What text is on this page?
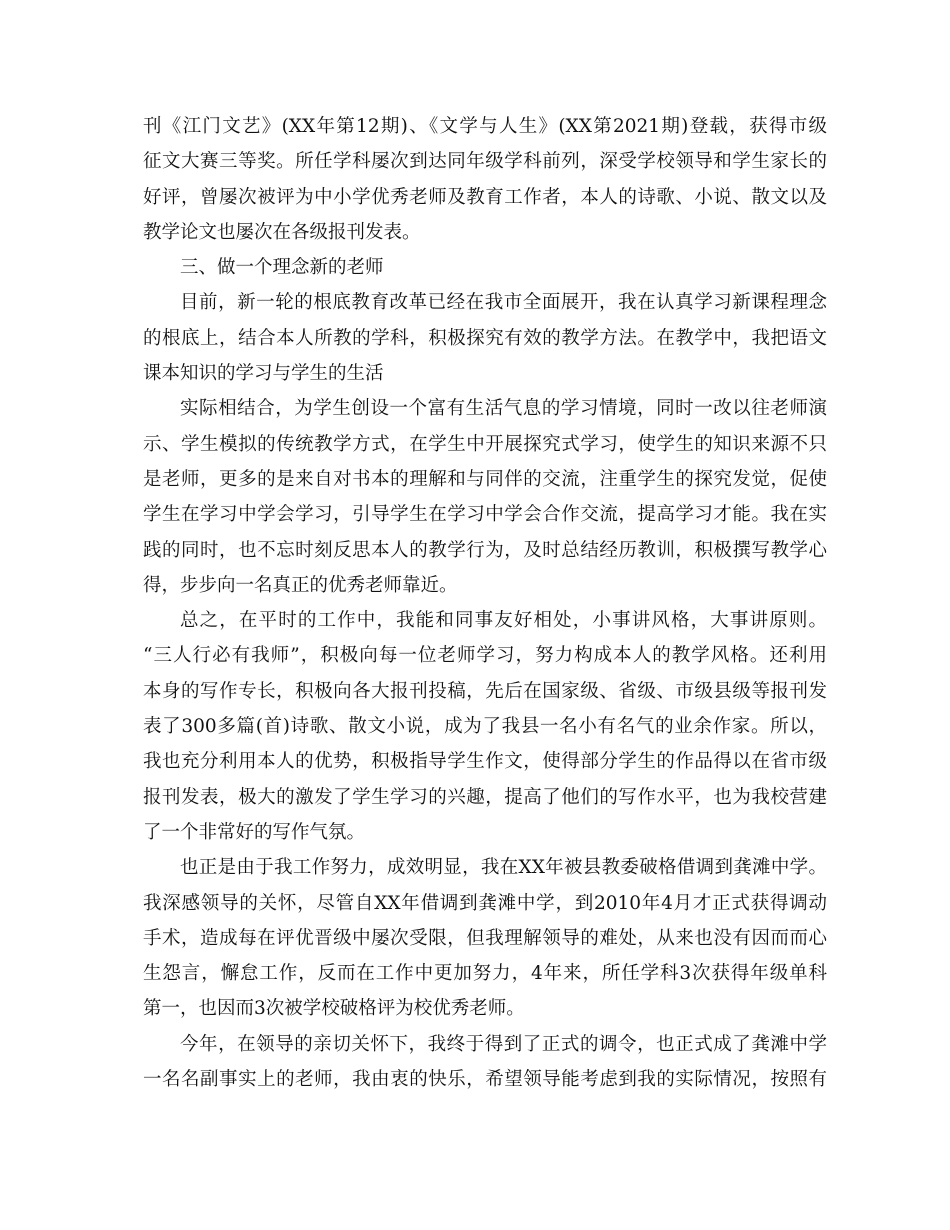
刊《江门文艺》(XX年第12期)、《文学与人生》(XX第2021期)登载，获得市级
征文大赛三等奖。所任学科屡次到达同年级学科前列，深受学校领导和学生家长的
好评，曾屡次被评为中小学优秀老师及教育工作者，本人的诗歌、小说、散文以及
教学论文也屡次在各级报刊发表。
三、做一个理念新的老师
目前，新一轮的根底教育改革已经在我市全面展开，我在认真学习新课程理念
的根底上，结合本人所教的学科，积极探究有效的教学方法。在教学中，我把语文
课本知识的学习与学生的生活
实际相结合，为学生创设一个富有生活气息的学习情境，同时一改以往老师演
示、学生模拟的传统教学方式，在学生中开展探究式学习，使学生的知识来源不只
是老师，更多的是来自对书本的理解和与同伴的交流，注重学生的探究发觉，促使
学生在学习中学会学习，引导学生在学习中学会合作交流，提高学习才能。我在实
践的同时，也不忘时刻反思本人的教学行为，及时总结经历教训，积极撰写教学心
得，步步向一名真正的优秀老师靠近。
总之，在平时的工作中，我能和同事友好相处，小事讲风格，大事讲原则。
“三人行必有我师”，积极向每一位老师学习，努力构成本人的教学风格。还利用
本身的写作专长，积极向各大报刊投稿，先后在国家级、省级、市级县级等报刊发
表了300多篇(首)诗歌、散文小说，成为了我县一名小有名气的业余作家。所以，
我也充分利用本人的优势，积极指导学生作文，使得部分学生的作品得以在省市级
报刊发表，极大的激发了学生学习的兴趣，提高了他们的写作水平，也为我校营建
了一个非常好的写作气氛。
也正是由于我工作努力，成效明显，我在XX年被县教委破格借调到龚滩中学。
我深感领导的关怀，尽管自XX年借调到龚滩中学，到2010年4月才正式获得调动
手术，造成每在评优晋级中屡次受限，但我理解领导的难处，从来也没有因而而心
生怨言，懈怠工作，反而在工作中更加努力，4年来，所任学科3次获得年级单科
第一，也因而3次被学校破格评为校优秀老师。
今年，在领导的亲切关怀下，我终于得到了正式的调令，也正式成了龚滩中学
一名名副事实上的老师，我由衷的快乐，希望领导能考虑到我的实际情况，按照有
